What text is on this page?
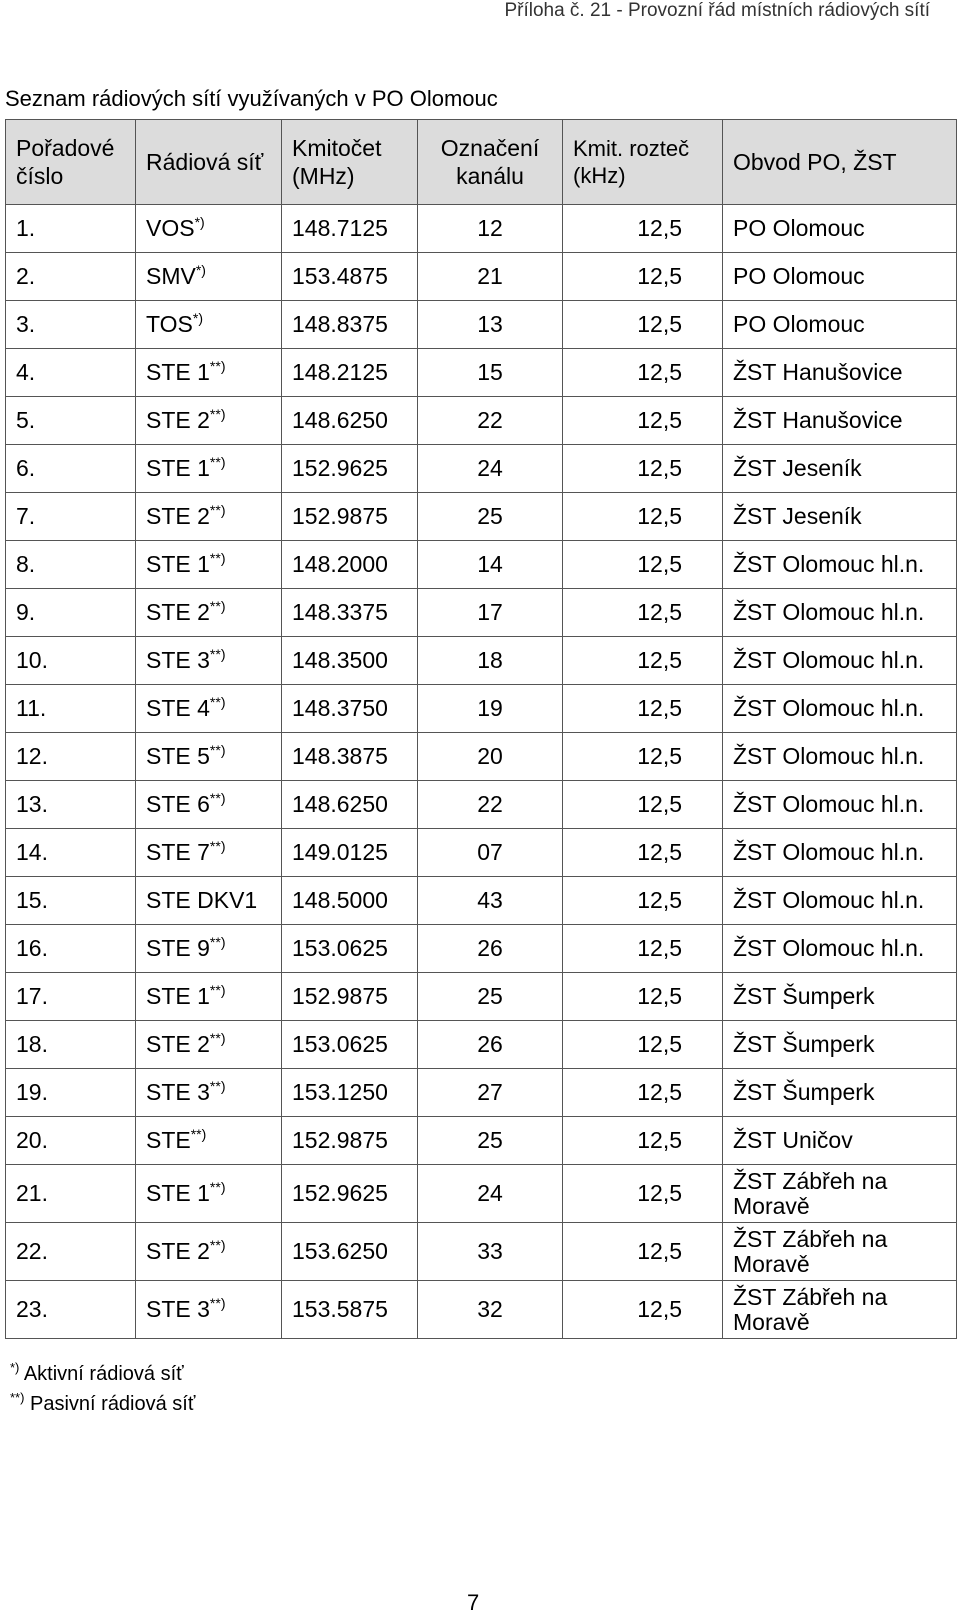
Příloha č. 21 - Provozní řád místních rádiových sítí
Seznam rádiových sítí využívaných v PO Olomouc
Pořadové číslo	Rádiová síť	Kmitočet (MHz)	Označení kanálu	Kmit. rozteč (kHz)	Obvod PO, ŽST
1.	VOS*)	148.7125	12	12,5	PO Olomouc
2.	SMV*)	153.4875	21	12,5	PO Olomouc
3.	TOS*)	148.8375	13	12,5	PO Olomouc
4.	STE 1**)	148.2125	15	12,5	ŽST Hanušovice
5.	STE 2**)	148.6250	22	12,5	ŽST Hanušovice
6.	STE 1**)	152.9625	24	12,5	ŽST Jeseník
7.	STE 2**)	152.9875	25	12,5	ŽST Jeseník
8.	STE 1**)	148.2000	14	12,5	ŽST Olomouc hl.n.
9.	STE 2**)	148.3375	17	12,5	ŽST Olomouc hl.n.
10.	STE 3**)	148.3500	18	12,5	ŽST Olomouc hl.n.
11.	STE 4**)	148.3750	19	12,5	ŽST Olomouc hl.n.
12.	STE 5**)	148.3875	20	12,5	ŽST Olomouc hl.n.
13.	STE 6**)	148.6250	22	12,5	ŽST Olomouc hl.n.
14.	STE 7**)	149.0125	07	12,5	ŽST Olomouc hl.n.
15.	STE DKV1	148.5000	43	12,5	ŽST Olomouc hl.n.
16.	STE 9**)	153.0625	26	12,5	ŽST Olomouc hl.n.
17.	STE 1**)	152.9875	25	12,5	ŽST Šumperk
18.	STE 2**)	153.0625	26	12,5	ŽST Šumperk
19.	STE 3**)	153.1250	27	12,5	ŽST Šumperk
20.	STE**)	152.9875	25	12,5	ŽST Uničov
21.	STE 1**)	152.9625	24	12,5	ŽST Zábřeh na Moravě
22.	STE 2**)	153.6250	33	12,5	ŽST Zábřeh na Moravě
23.	STE 3**)	153.5875	32	12,5	ŽST Zábřeh na Moravě
*) Aktivní rádiová síť
**) Pasivní rádiová síť
7
